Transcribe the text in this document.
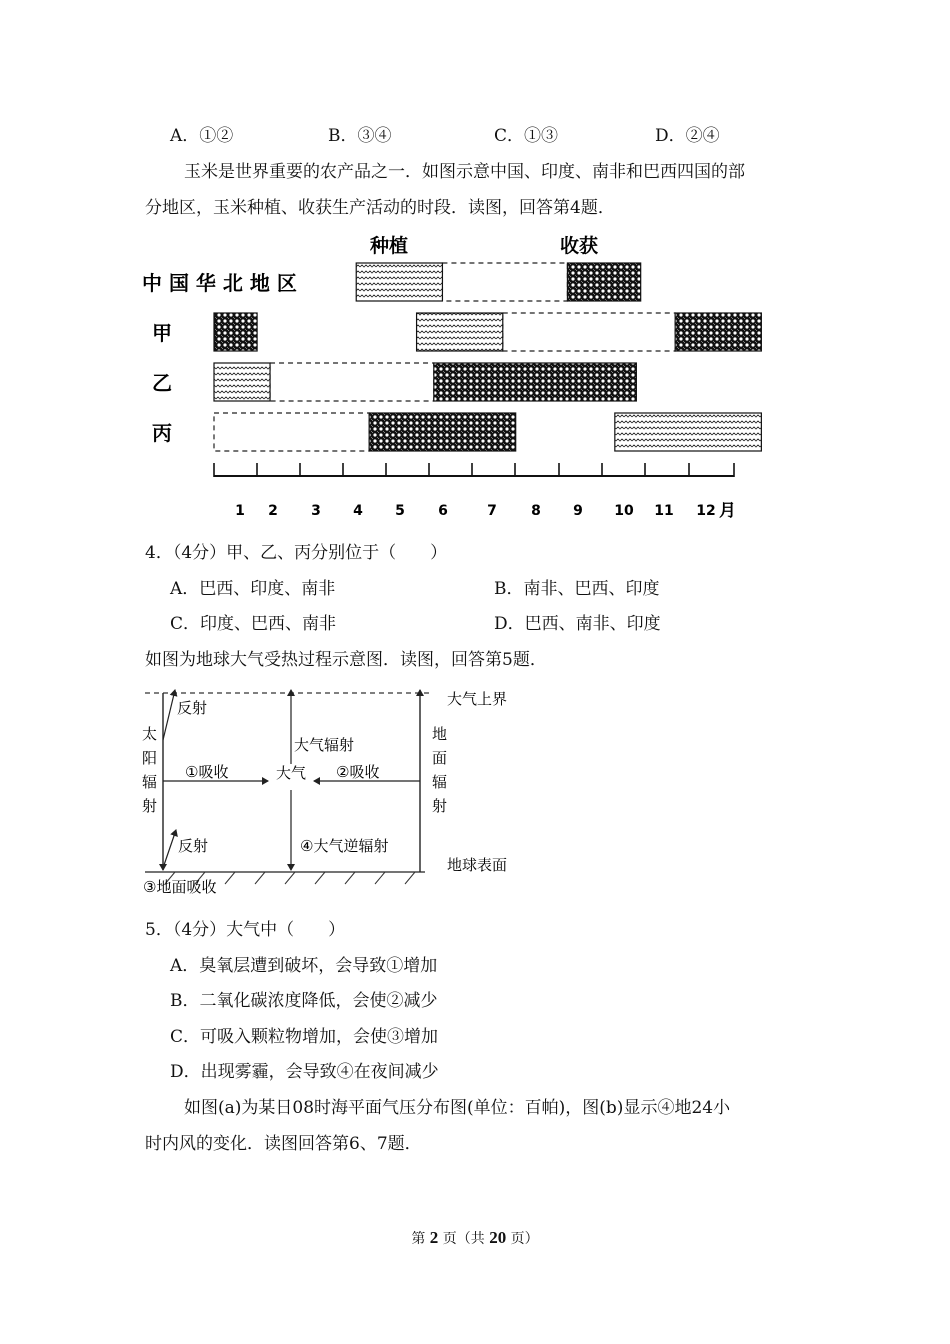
A．①②	B．③④	C．①③	D．②④
玉米是世界重要的农产品之一．如图示意中国、印度、南非和巴西四国的部
分地区，玉米种植、收获生产活动的时段．读图，回答第4题．
种植	收获
中 国 华 北 地 区
甲
乙
丙
1 2 3 4 5 6	7 8 9 10 11 12 月
4．（4分）甲、乙、丙分别位于（　　）
A．巴西、印度、南非	B．南非、巴西、印度
C．印度、巴西、南非	D．巴西、南非、印度
如图为地球大气受热过程示意图．读图，回答第5题．
大气上界
地球表面
太
阳
辐
射
反射
反射
①吸收	大气
大气辐射
④大气逆辐射
地
面
辐
射
②吸收
③地面吸收
5．（4分）大气中（　　）
A．臭氧层遭到破坏，会导致①增加
B．二氧化碳浓度降低，会使②减少
C．可吸入颗粒物增加，会使③增加
D．出现雾霾，会导致④在夜间减少
如图(a)为某日08时海平面气压分布图(单位：百帕)，图(b)显示④地24小
时内风的变化．读图回答第6、7题．
第 2 页（共 20 页）
